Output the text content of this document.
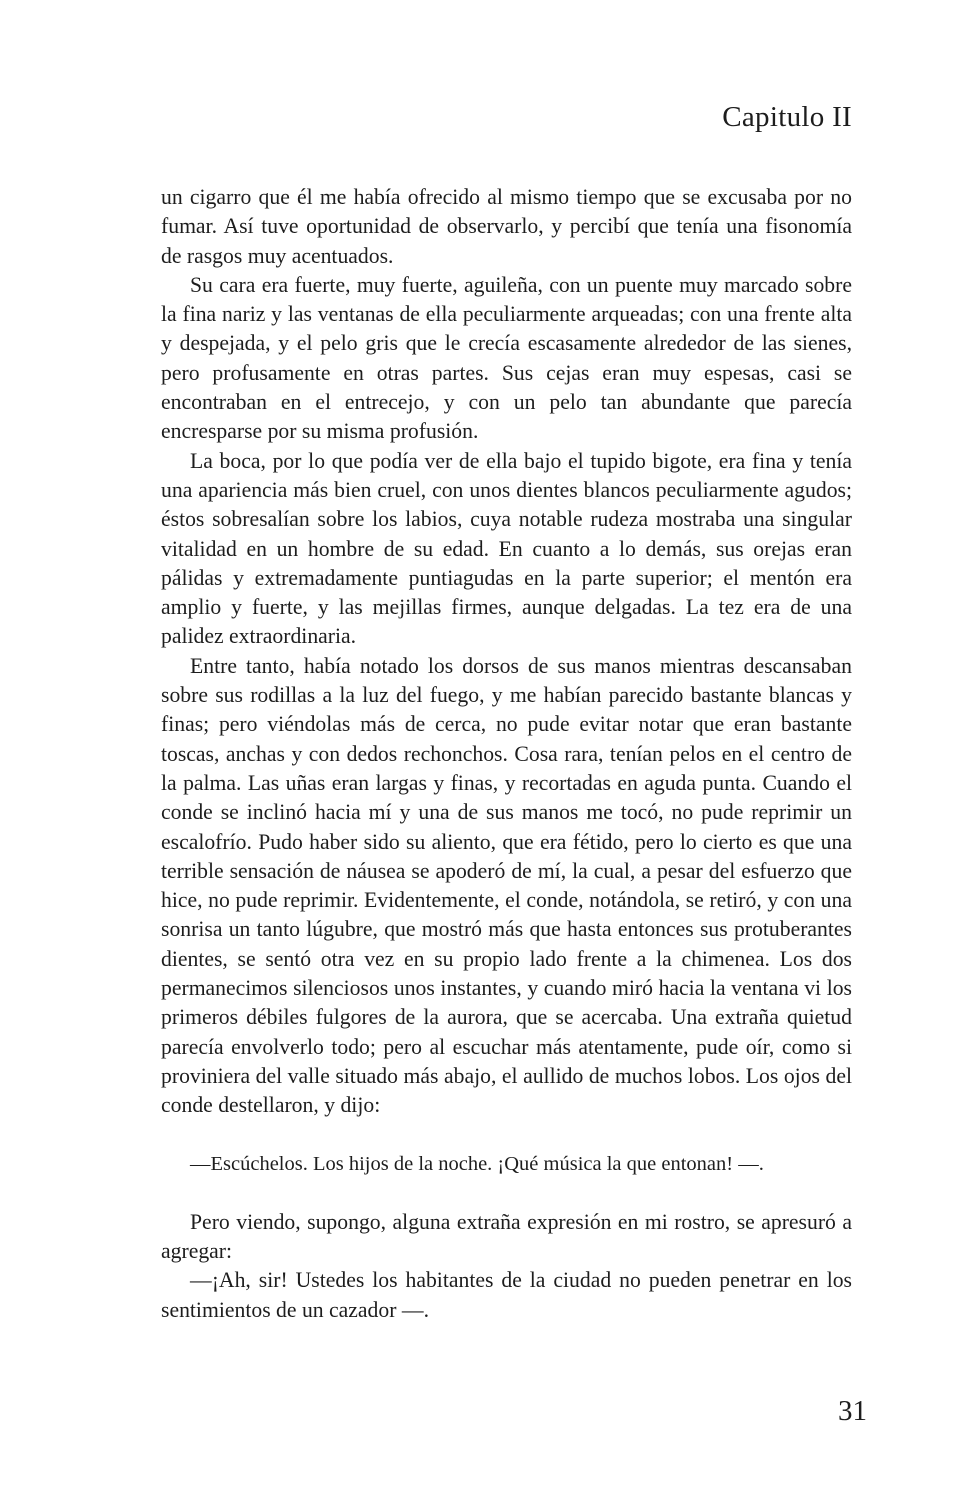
Capitulo II

un cigarro que él me había ofrecido al mismo tiempo que se excusaba por no fumar. Así tuve oportunidad de observarlo, y percibí que tenía una fisonomía de rasgos muy acentuados.

Su cara era fuerte, muy fuerte, aguileña, con un puente muy marcado sobre la fina nariz y las ventanas de ella peculiarmente arqueadas; con una frente alta y despejada, y el pelo gris que le crecía escasamente alrededor de las sienes, pero profusamente en otras partes. Sus cejas eran muy espesas, casi se encontraban en el entrecejo, y con un pelo tan abundante que parecía encresparse por su misma profusión.

La boca, por lo que podía ver de ella bajo el tupido bigote, era fina y tenía una apariencia más bien cruel, con unos dientes blancos peculiarmente agudos; éstos sobresalían sobre los labios, cuya notable rudeza mostraba una singular vitalidad en un hombre de su edad. En cuanto a lo demás, sus orejas eran pálidas y extremadamente puntiagudas en la parte superior; el mentón era amplio y fuerte, y las mejillas firmes, aunque delgadas. La tez era de una palidez extraordinaria.

Entre tanto, había notado los dorsos de sus manos mientras descansaban sobre sus rodillas a la luz del fuego, y me habían parecido bastante blancas y finas; pero viéndolas más de cerca, no pude evitar notar que eran bastante toscas, anchas y con dedos rechonchos. Cosa rara, tenían pelos en el centro de la palma. Las uñas eran largas y finas, y recortadas en aguda punta. Cuando el conde se inclinó hacia mí y una de sus manos me tocó, no pude reprimir un escalofrío. Pudo haber sido su aliento, que era fétido, pero lo cierto es que una terrible sensación de náusea se apoderó de mí, la cual, a pesar del esfuerzo que hice, no pude reprimir. Evidentemente, el conde, notándola, se retiró, y con una sonrisa un tanto lúgubre, que mostró más que hasta entonces sus protuberantes dientes, se sentó otra vez en su propio lado frente a la chimenea. Los dos permanecimos silenciosos unos instantes, y cuando miró hacia la ventana vi los primeros débiles fulgores de la aurora, que se acercaba. Una extraña quietud parecía envolverlo todo; pero al escuchar más atentamente, pude oír, como si proviniera del valle situado más abajo, el aullido de muchos lobos. Los ojos del conde destellaron, y dijo:

—Escúchelos. Los hijos de la noche. ¡Qué música la que entonan! —.

Pero viendo, supongo, alguna extraña expresión en mi rostro, se apresuró a agregar:

—¡Ah, sir! Ustedes los habitantes de la ciudad no pueden penetrar en los sentimientos de un cazador —.

31
